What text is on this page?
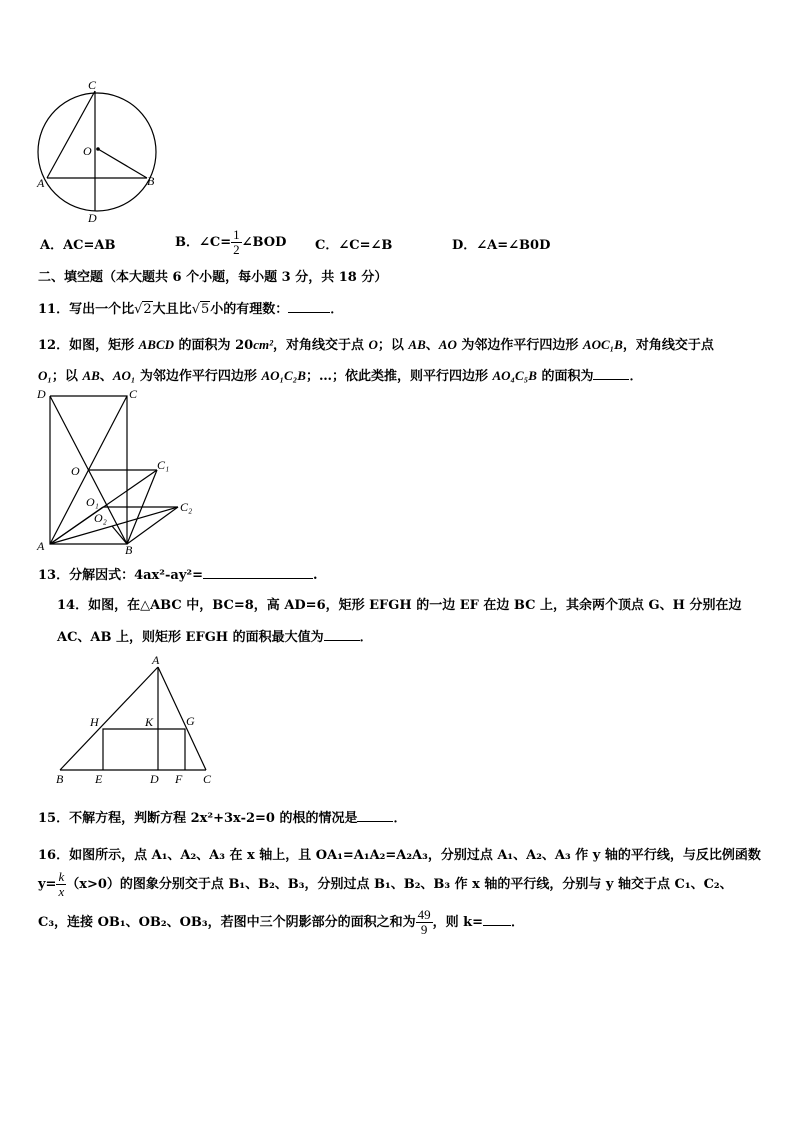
C
O
A	B
D
A．AC=AB	B．∠C= $\frac{1}{2}$ ∠BOD C．∠C=∠B	D．∠A=∠B0D
二、填空题（本大题共 6 个小题，每小题 3 分，共 18 分）
11．写出一个比√2大且比√5小的有理数：	．
12．如图，矩形 ABCD 的面积为 20cm²，对角线交于点 O；以 AB、AO 为邻边作平行四边形 AOC₁B，对角线交于点
O₁；以 AB、AO₁ 为邻边作平行四边形 AO₁C₂B；…；依此类推，则平行四边形 AO₄C₅B 的面积为	．
D	C
O	C₁
O₁	C₂
O₂
A	B
13．分解因式：4ax²-ay²=	.
14．如图，在△ABC 中，BC=8，高 AD=6，矩形 EFGH 的一边 EF 在边 BC 上，其余两个顶点 G、H 分别在边
AC、AB 上，则矩形 EFGH 的面积最大值为	．
A
H	K	G
B	E	D F C
15．不解方程，判断方程 2x²+3x-2=0 的根的情况是	．
16．如图所示，点 A₁、A₂、A₃ 在 x 轴上，且 OA₁=A₁A₂=A₂A₃，分别过点 A₁、A₂、A₃ 作 y 轴的平行线，与反比例函数
$y= \frac{k}{x} (x>0)$的图象分别交于点 B₁、B₂、B₃，分别过点 B₁、B₂、B₃ 作 x 轴的平行线，分别与 y 轴交于点 C₁、C₂、
C₃，连接 OB₁、OB₂、OB₃，若图中三个阴影部分的面积之和为 $\frac{49}{9}$ ，则 k= ．
